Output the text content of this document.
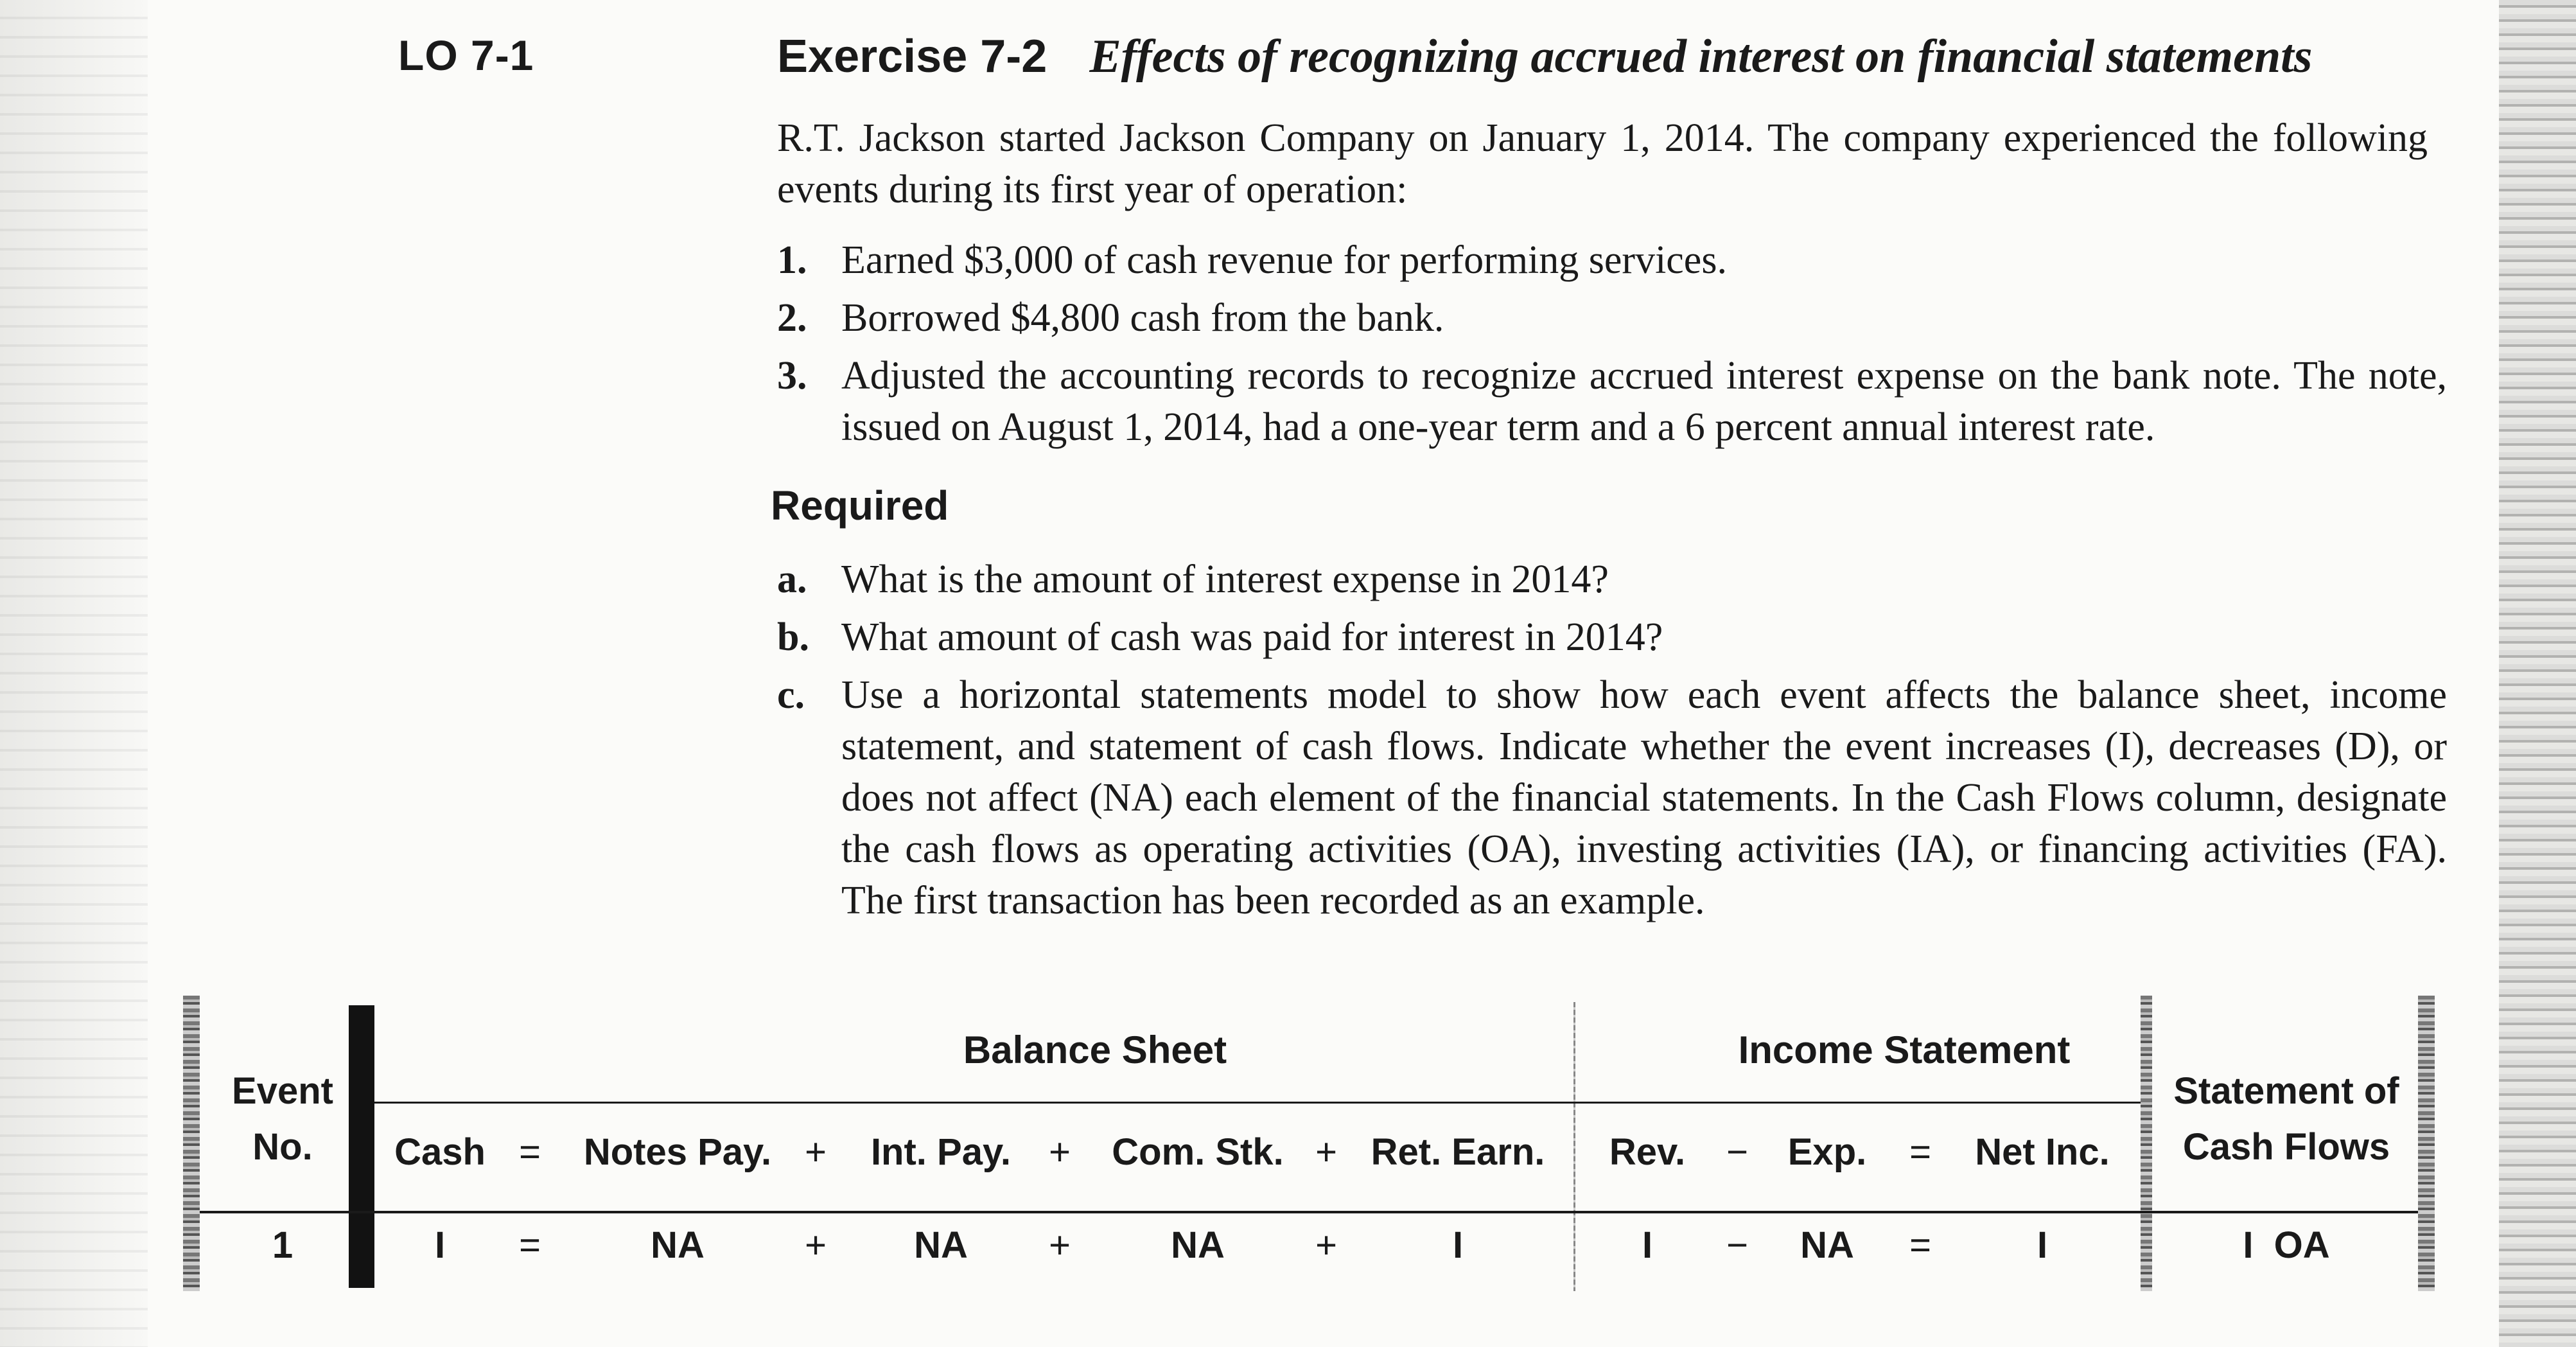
LO 7-1	Exercise 7-2 Effects of recognizing accrued interest on financial statements
R.T. Jackson started Jackson Company on January 1, 2014. The company experienced the following events during its first year of operation:
1. Earned $3,000 of cash revenue for performing services.
2. Borrowed $4,800 cash from the bank.
3. Adjusted the accounting records to recognize accrued interest expense on the bank note. The note, issued on August 1, 2014, had a one-year term and a 6 percent annual interest rate.
Required
a. What is the amount of interest expense in 2014?
b. What amount of cash was paid for interest in 2014?
c. Use a horizontal statements model to show how each event affects the balance sheet, income statement, and statement of cash flows. Indicate whether the event increases (I), decreases (D), or does not affect (NA) each element of the financial statements. In the Cash Flows column, designate the cash flows as operating activities (OA), investing activities (IA), or financing activities (FA). The first transaction has been recorded as an example.
Balance Sheet	Income Statement
Event
No.
Statement of
Cash Flows
Cash =	Notes Pay. +	Int. Pay.	+	Com. Stk. + Ret. Earn.	Rev.	−	Exp.	=	Net Inc.
1	I	=	NA	+	NA	+	NA	+	I	I	−	NA	=	I	I  OA
